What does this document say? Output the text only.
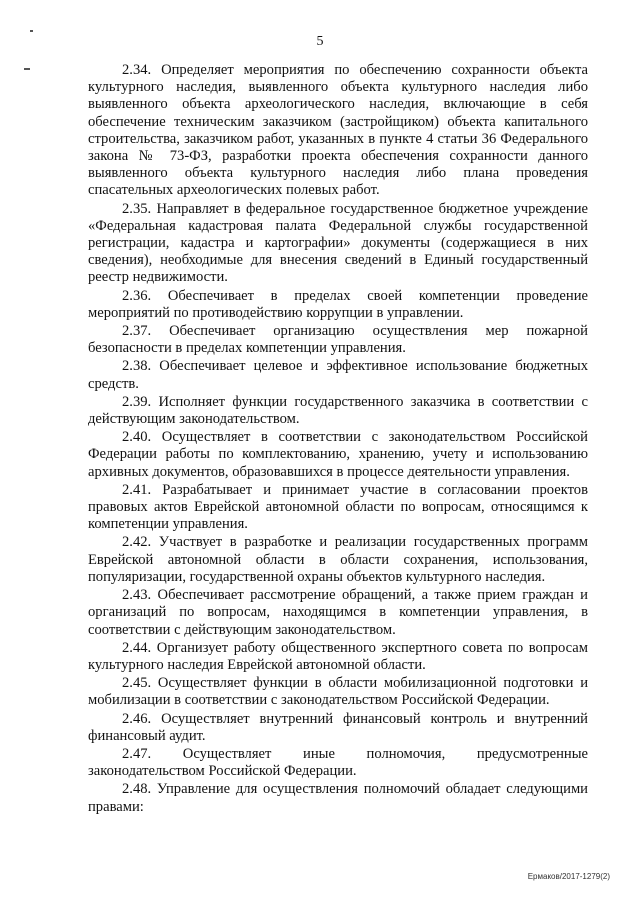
5

2.34. Определяет мероприятия по обеспечению сохранности объекта культурного наследия, выявленного объекта культурного наследия либо выявленного объекта археологического наследия, включающие в себя обеспечение техническим заказчиком (застройщиком) объекта капитального строительства, заказчиком работ, указанных в пункте 4 статьи 36 Федерального закона № 73-ФЗ, разработки проекта обеспечения сохранности данного выявленного объекта культурного наследия либо плана проведения спасательных археологических полевых работ.

2.35. Направляет в федеральное государственное бюджетное учреждение «Федеральная кадастровая палата Федеральной службы государственной регистрации, кадастра и картографии» документы (содержащиеся в них сведения), необходимые для внесения сведений в Единый государственный реестр недвижимости.

2.36. Обеспечивает в пределах своей компетенции проведение мероприятий по противодействию коррупции в управлении.

2.37. Обеспечивает организацию осуществления мер пожарной безопасности в пределах компетенции управления.

2.38. Обеспечивает целевое и эффективное использование бюджетных средств.

2.39. Исполняет функции государственного заказчика в соответствии с действующим законодательством.

2.40. Осуществляет в соответствии с законодательством Российской Федерации работы по комплектованию, хранению, учету и использованию архивных документов, образовавшихся в процессе деятельности управления.

2.41. Разрабатывает и принимает участие в согласовании проектов правовых актов Еврейской автономной области по вопросам, относящимся к компетенции управления.

2.42. Участвует в разработке и реализации государственных программ Еврейской автономной области в области сохранения, использования, популяризации, государственной охраны объектов культурного наследия.

2.43. Обеспечивает рассмотрение обращений, а также прием граждан и организаций по вопросам, находящимся в компетенции управления, в соответствии с действующим законодательством.

2.44. Организует работу общественного экспертного совета по вопросам культурного наследия Еврейской автономной области.

2.45. Осуществляет функции в области мобилизационной подготовки и мобилизации в соответствии с законодательством Российской Федерации.

2.46. Осуществляет внутренний финансовый контроль и внутренний финансовый аудит.

2.47. Осуществляет иные полномочия, предусмотренные законодательством Российской Федерации.

2.48. Управление для осуществления полномочий обладает следующими правами:

Ермаков/2017-1279(2)
